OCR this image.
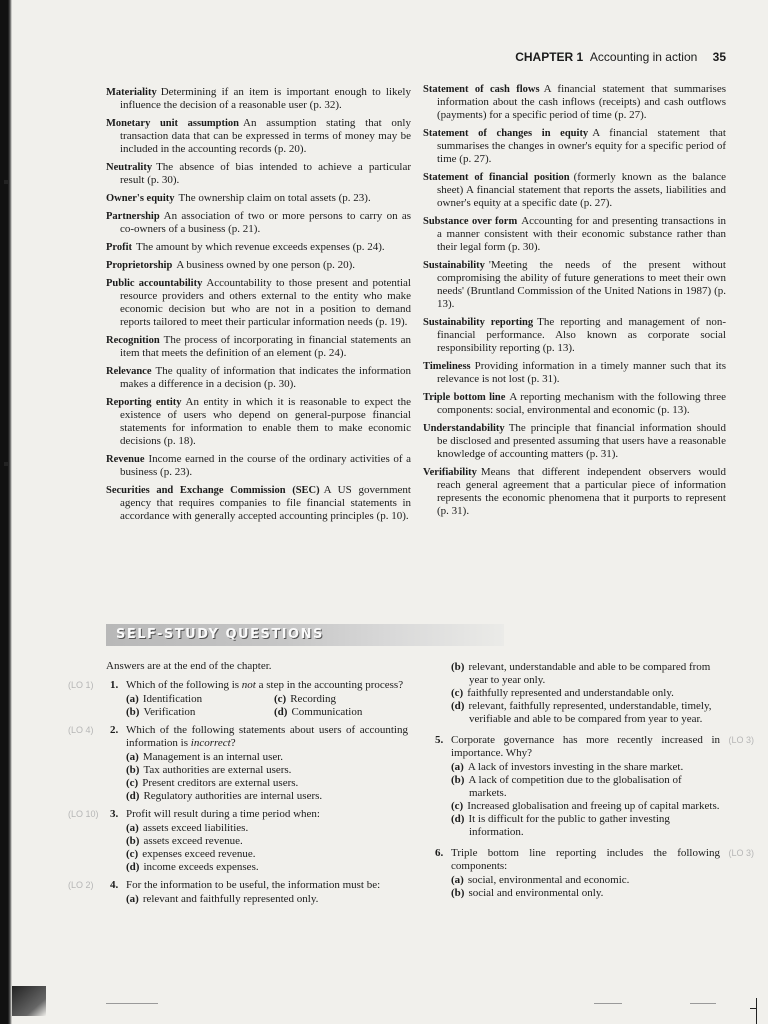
CHAPTER 1 Accounting in action 35

Materiality Determining if an item is important enough to likely influence the decision of a reasonable user (p. 32).

Monetary unit assumption An assumption stating that only transaction data that can be expressed in terms of money may be included in the accounting records (p. 20).

Neutrality The absence of bias intended to achieve a particular result (p. 30).

Owner's equity The ownership claim on total assets (p. 23).

Partnership An association of two or more persons to carry on as co-owners of a business (p. 21).

Profit The amount by which revenue exceeds expenses (p. 24).

Proprietorship A business owned by one person (p. 20).

Public accountability Accountability to those present and potential resource providers and others external to the entity who make economic decision but who are not in a position to demand reports tailored to meet their particular information needs (p. 19).

Recognition The process of incorporating in financial statements an item that meets the definition of an element (p. 24).

Relevance The quality of information that indicates the information makes a difference in a decision (p. 30).

Reporting entity An entity in which it is reasonable to expect the existence of users who depend on general-purpose financial statements for information to enable them to make economic decisions (p. 18).

Revenue Income earned in the course of the ordinary activities of a business (p. 23).

Securities and Exchange Commission (SEC) A US government agency that requires companies to file financial statements in accordance with generally accepted accounting principles (p. 10).

Statement of cash flows A financial statement that summarises information about the cash inflows (receipts) and cash outflows (payments) for a specific period of time (p. 27).

Statement of changes in equity A financial statement that summarises the changes in owner's equity for a specific period of time (p. 27).

Statement of financial position (formerly known as the balance sheet) A financial statement that reports the assets, liabilities and owner's equity at a specific date (p. 27).

Substance over form Accounting for and presenting transactions in a manner consistent with their economic substance rather than their legal form (p. 30).

Sustainability 'Meeting the needs of the present without compromising the ability of future generations to meet their own needs' (Bruntland Commission of the United Nations in 1987) (p. 13).

Sustainability reporting The reporting and management of non-financial performance. Also known as corporate social responsibility reporting (p. 13).

Timeliness Providing information in a timely manner such that its relevance is not lost (p. 31).

Triple bottom line A reporting mechanism with the following three components: social, environmental and economic (p. 13).

Understandability The principle that financial information should be disclosed and presented assuming that users have a reasonable knowledge of accounting matters (p. 31).

Verifiability Means that different independent observers would reach general agreement that a particular piece of information represents the economic phenomena that it purports to represent (p. 31).

SELF-STUDY QUESTIONS

Answers are at the end of the chapter.

(LO 1) 1. Which of the following is not a step in the accounting process?
(a) Identification	(c) Recording
(b) Verification	(d) Communication
(LO 4) 2. Which of the following statements about users of accounting information is incorrect?
(a) Management is an internal user.
(b) Tax authorities are external users.
(c) Present creditors are external users.
(d) Regulatory authorities are internal users.
(LO 10) 3. Profit will result during a time period when:
(a) assets exceed liabilities.
(b) assets exceed revenue.
(c) expenses exceed revenue.
(d) income exceeds expenses.
(LO 2) 4. For the information to be useful, the information must be:
(a) relevant and faithfully represented only.
(b) relevant, understandable and able to be compared from year to year only.
(c) faithfully represented and understandable only.
(d) relevant, faithfully represented, understandable, timely, verifiable and able to be compared from year to year.
(LO 3)
5. Corporate governance has more recently increased in importance. Why?
(a) A lack of investors investing in the share market.
(b) A lack of competition due to the globalisation of markets.
(c) Increased globalisation and freeing up of capital markets.
(d) It is difficult for the public to gather investing information.
(LO 3)
6. Triple bottom line reporting includes the following components:
(a) social, environmental and economic.
(b) social and environmental only.
